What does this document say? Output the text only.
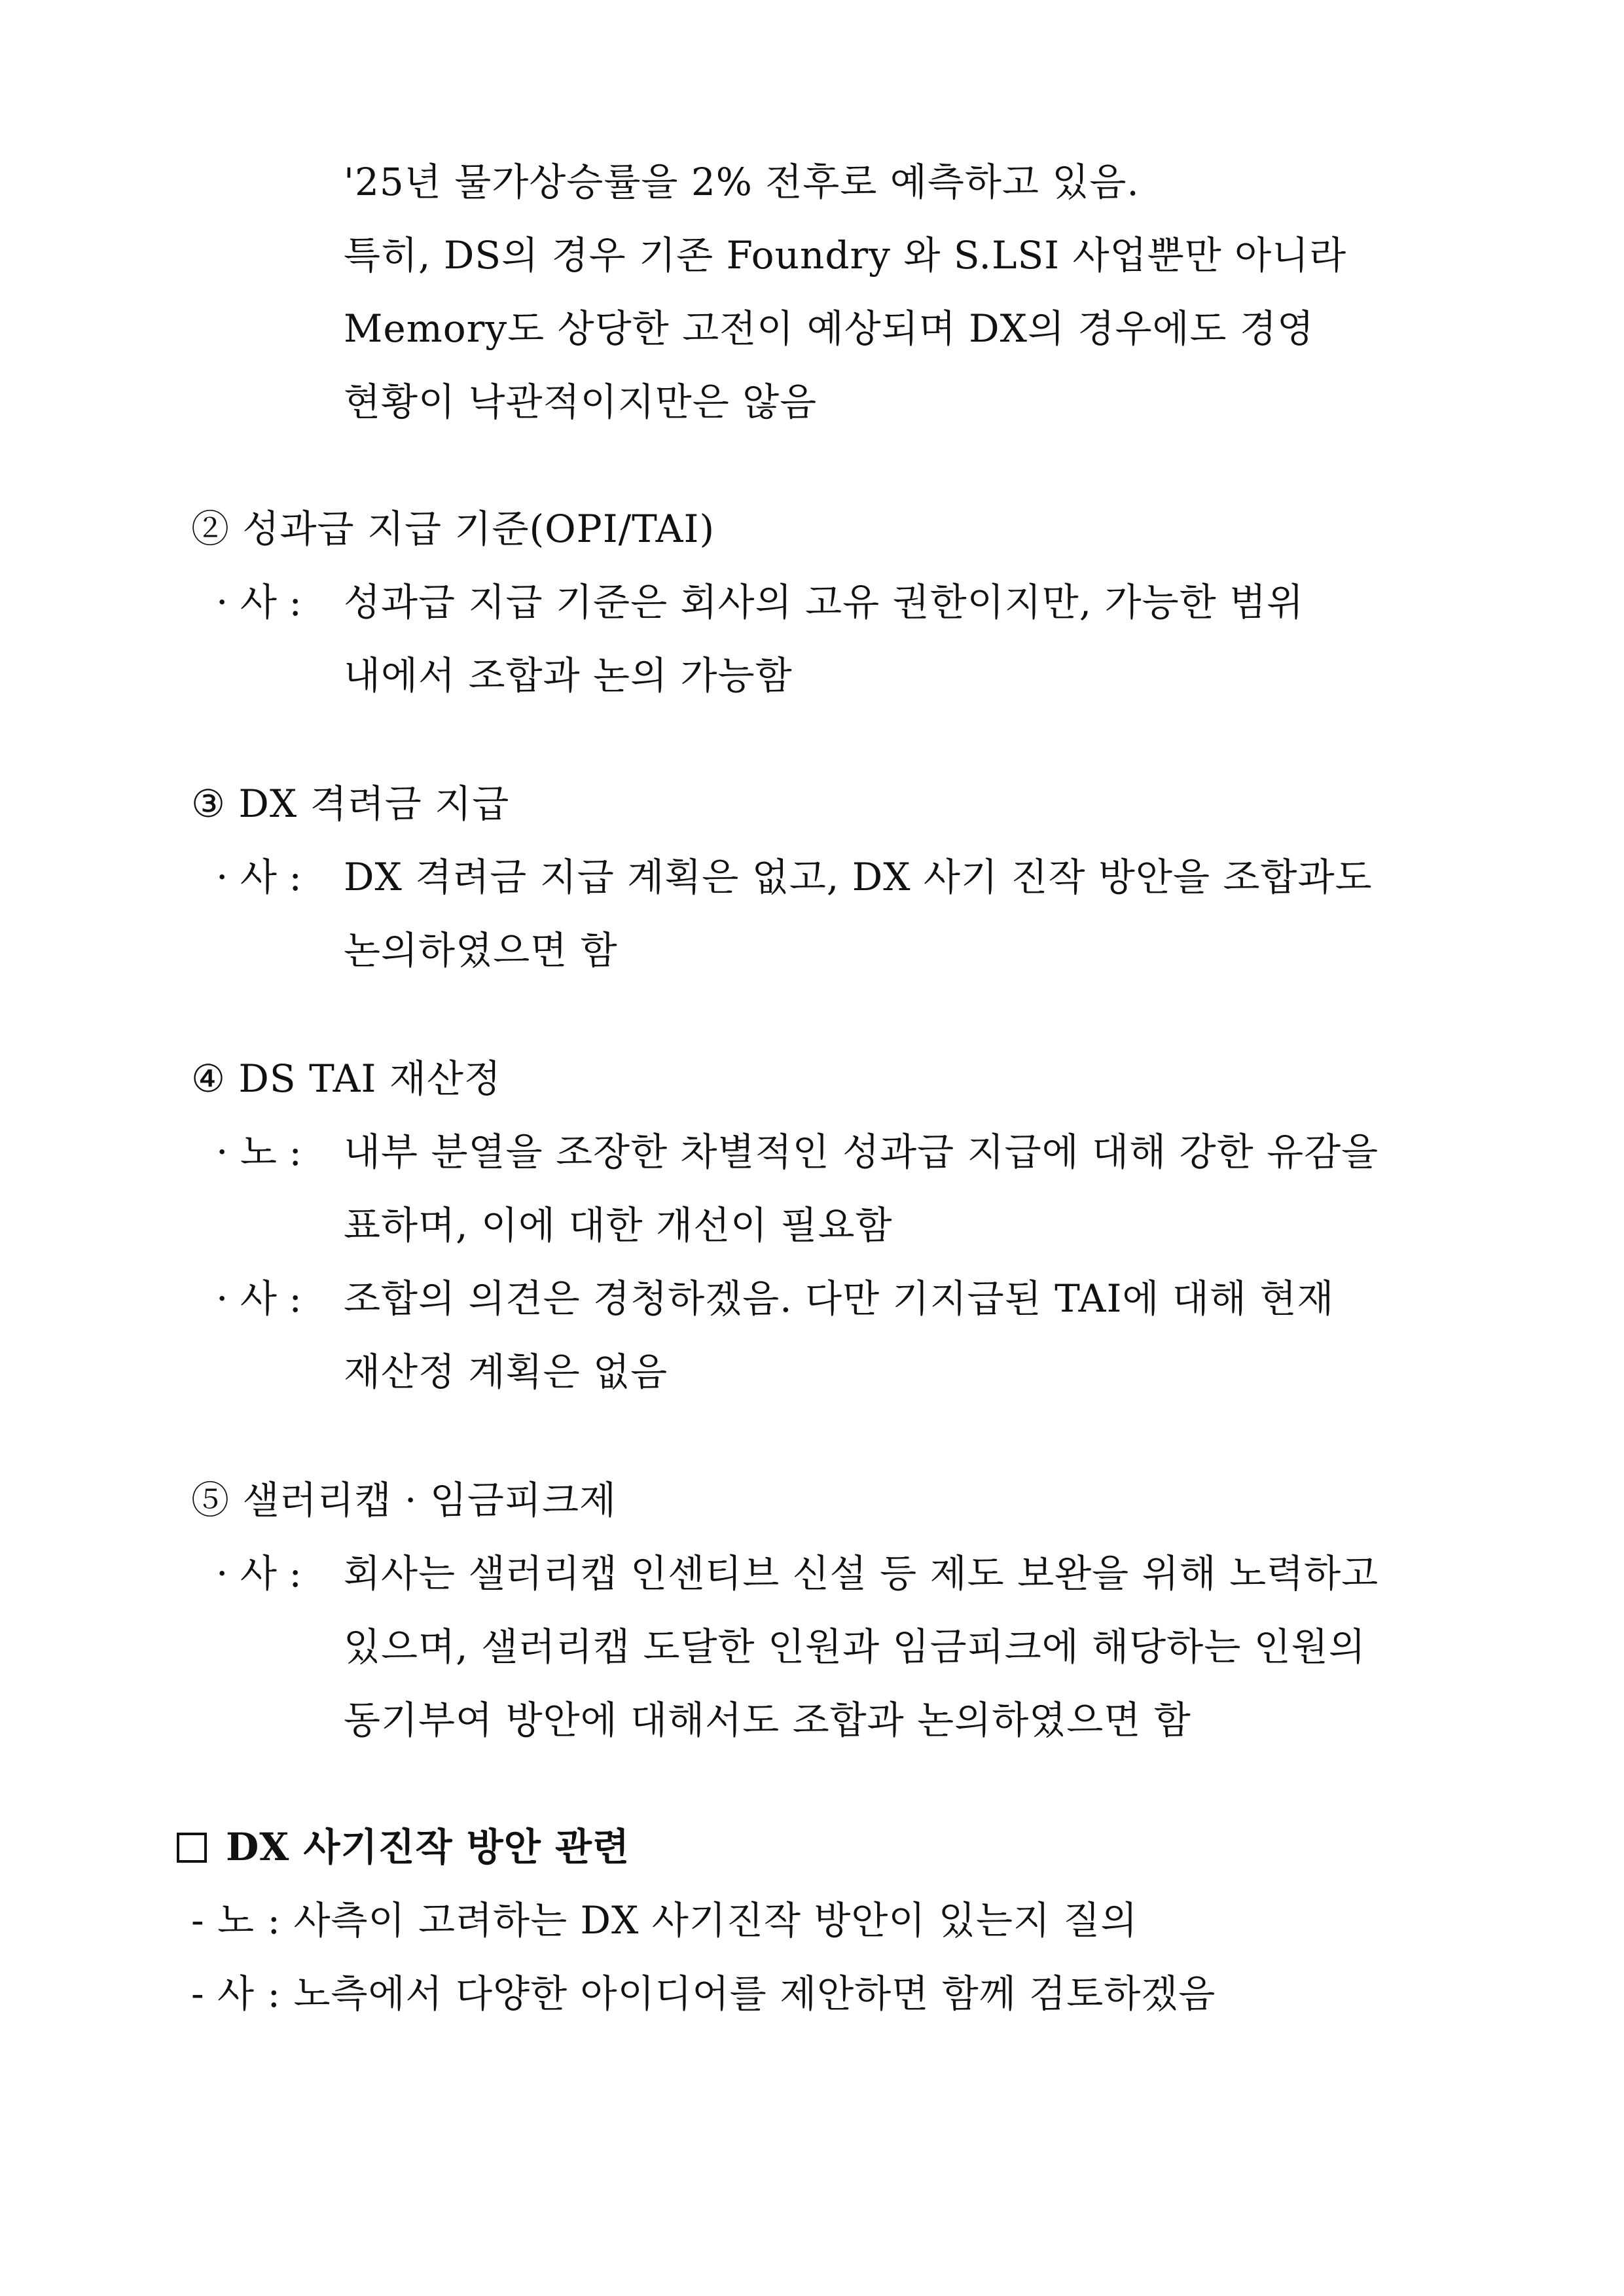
'25년 물가상승률을 2% 전후로 예측하고 있음.
특히, DS의 경우 기존 Foundry 와 S.LSI 사업뿐만 아니라
Memory도 상당한 고전이 예상되며 DX의 경우에도 경영
현황이 낙관적이지만은 않음
② 성과급 지급 기준(OPI/TAI)
· 사 : 성과급 지급 기준은 회사의 고유 권한이지만, 가능한 범위
내에서 조합과 논의 가능함
③ DX 격려금 지급
· 사 : DX 격려금 지급 계획은 없고, DX 사기 진작 방안을 조합과도
논의하였으면 함
④ DS TAI 재산정
· 노 : 내부 분열을 조장한 차별적인 성과급 지급에 대해 강한 유감을
표하며, 이에 대한 개선이 필요함
· 사 : 조합의 의견은 경청하겠음. 다만 기지급된 TAI에 대해 현재
재산정 계획은 없음
⑤ 샐러리캡 · 임금피크제
· 사 : 회사는 샐러리캡 인센티브 신설 등 제도 보완을 위해 노력하고
있으며, 샐러리캡 도달한 인원과 임금피크에 해당하는 인원의
동기부여 방안에 대해서도 조합과 논의하였으면 함
DX 사기진작 방안 관련
- 노 : 사측이 고려하는 DX 사기진작 방안이 있는지 질의
- 사 : 노측에서 다양한 아이디어를 제안하면 함께 검토하겠음
